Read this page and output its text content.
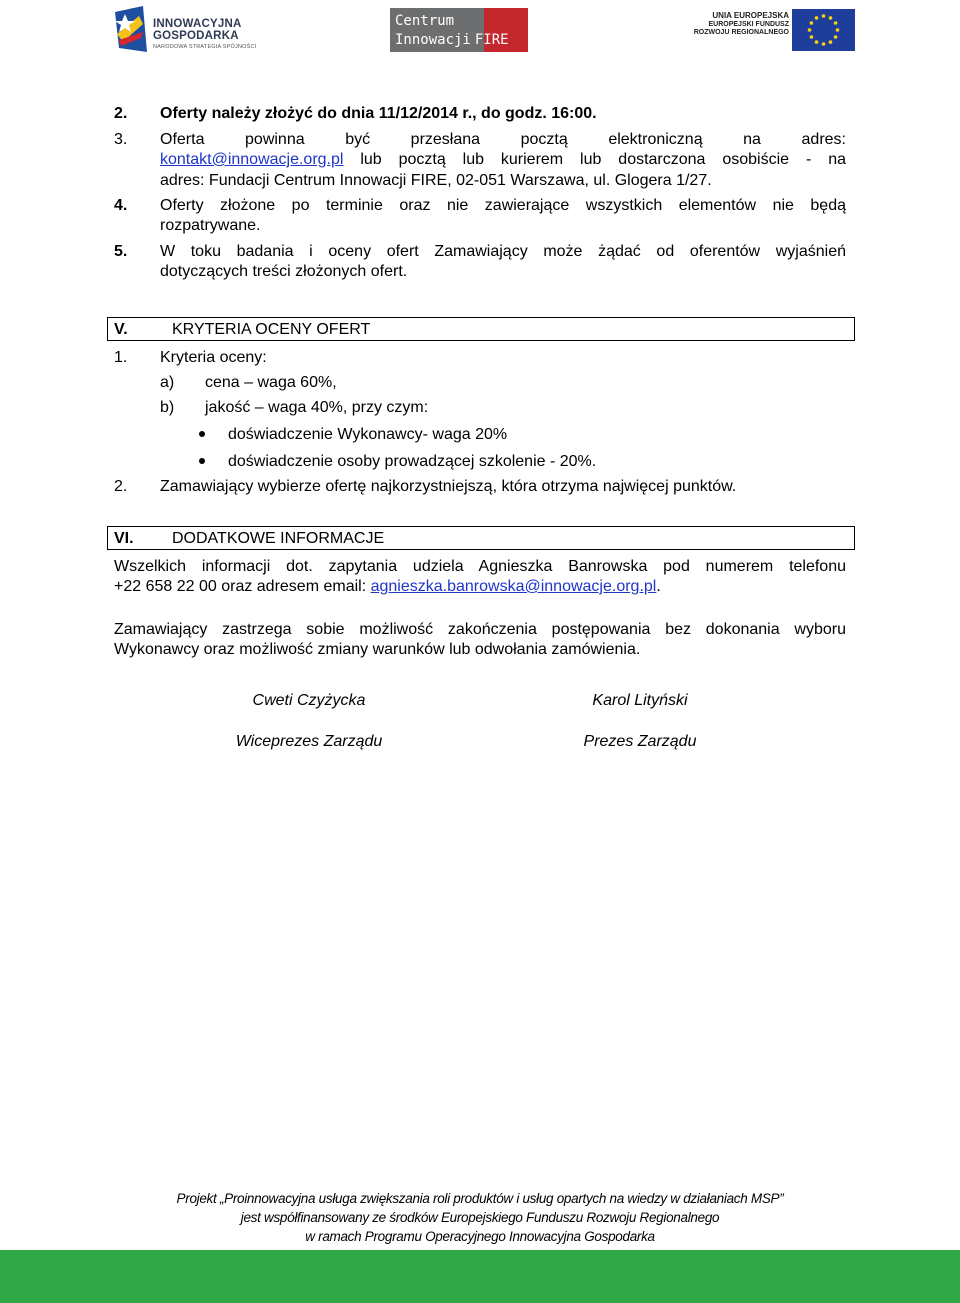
INNOWACYJNA
GOSPODARKA
NARODOWA STRATEGIA SPÓJNOŚCI
Centrum
Innowacji FIRE
UNIA EUROPEJSKA
EUROPEJSKI FUNDUSZ
ROZWOJU REGIONALNEGO
2. Oferty należy złożyć do dnia 11/12/2014 r., do godz. 16:00.
3. Oferta powinna być przesłana pocztą elektroniczną na adres:
kontakt@innowacje.org.pl lub pocztą lub kurierem lub dostarczona osobiście - na
adres: Fundacji Centrum Innowacji FIRE, 02-051 Warszawa, ul. Glogera 1/27.
4. Oferty złożone po terminie oraz nie zawierające wszystkich elementów nie będą
rozpatrywane.
5. W toku badania i oceny ofert Zamawiający może żądać od oferentów wyjaśnień
dotyczących treści złożonych ofert.
V.	KRYTERIA OCENY OFERT
1. Kryteria oceny:
a) cena – waga 60%,
b) jakość – waga 40%, przy czym:
doświadczenie Wykonawcy- waga 20%
doświadczenie osoby prowadzącej szkolenie - 20%.
2. Zamawiający wybierze ofertę najkorzystniejszą, która otrzyma najwięcej punktów.
VI. DODATKOWE INFORMACJE
Wszelkich informacji dot. zapytania udziela Agnieszka Banrowska pod numerem telefonu
+22 658 22 00 oraz adresem email: agnieszka.banrowska@innowacje.org.pl.
Zamawiający zastrzega sobie możliwość zakończenia postępowania bez dokonania wyboru
Wykonawcy oraz możliwość zmiany warunków lub odwołania zamówienia.
Cweti Czyżycka
Wiceprezes Zarządu
Karol Lityński
Prezes Zarządu
Projekt „Proinnowacyjna usługa zwiększania roli produktów i usług opartych na wiedzy w działaniach MSP”
jest współfinansowany ze środków Europejskiego Funduszu Rozwoju Regionalnego
w ramach Programu Operacyjnego Innowacyjna Gospodarka
